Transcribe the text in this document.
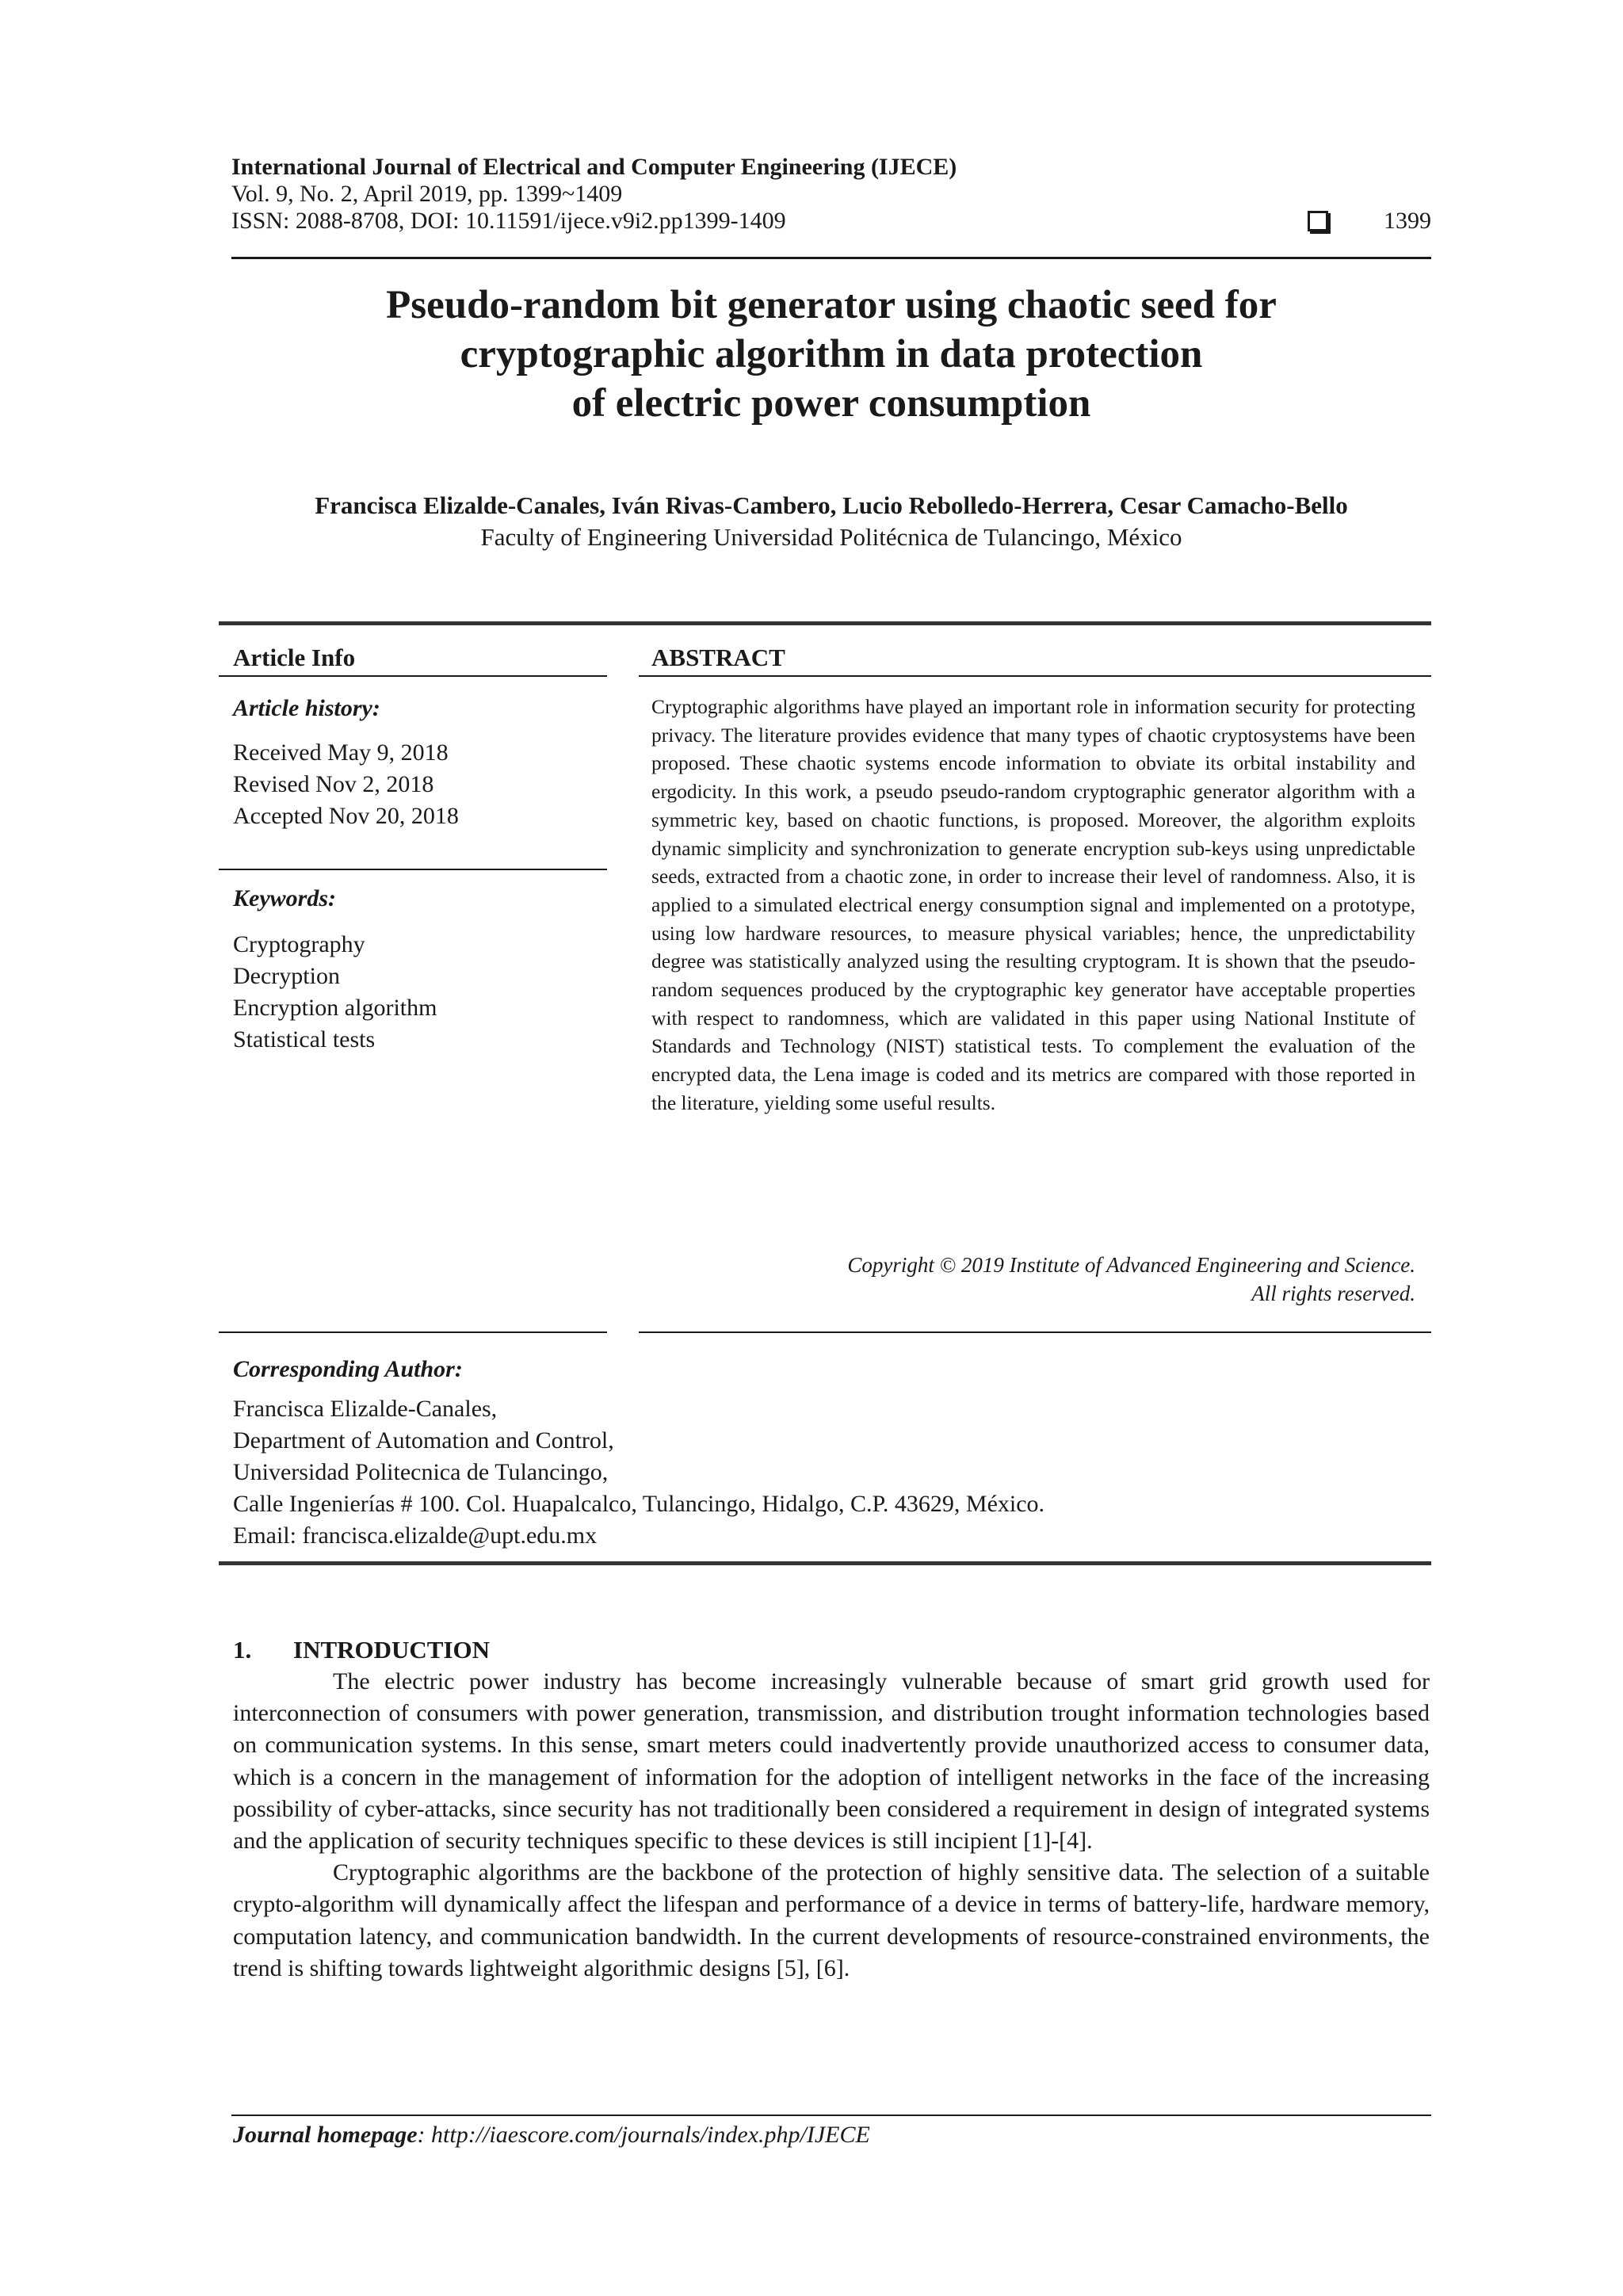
International Journal of Electrical and Computer Engineering (IJECE)
Vol. 9, No. 2, April 2019, pp. 1399~1409
ISSN: 2088-8708, DOI: 10.11591/ijece.v9i2.pp1399-1409	1399
Pseudo-random bit generator using chaotic seed for
cryptographic algorithm in data protection
of electric power consumption
Francisca Elizalde-Canales, Iván Rivas-Cambero, Lucio Rebolledo-Herrera, Cesar Camacho-Bello
Faculty of Engineering Universidad Politécnica de Tulancingo, México
Article Info
Article history:
Received May 9, 2018
Revised Nov 2, 2018
Accepted Nov 20, 2018
Keywords:
Cryptography
Decryption
Encryption algorithm
Statistical tests
ABSTRACT
Cryptographic algorithms have played an important role in information security for protecting privacy. The literature provides evidence that many types of chaotic cryptosystems have been proposed. These chaotic systems encode information to obviate its orbital instability and ergodicity. In this work, a pseudo pseudo-random cryptographic generator algorithm with a symmetric key, based on chaotic functions, is proposed. Moreover, the algorithm exploits dynamic simplicity and synchronization to generate encryption sub-keys using unpredictable seeds, extracted from a chaotic zone, in order to increase their level of randomness. Also, it is applied to a simulated electrical energy consumption signal and implemented on a prototype, using low hardware resources, to measure physical variables; hence, the unpredictability degree was statistically analyzed using the resulting cryptogram. It is shown that the pseudo-random sequences produced by the cryptographic key generator have acceptable properties with respect to randomness, which are validated in this paper using National Institute of Standards and Technology (NIST) statistical tests. To complement the evaluation of the encrypted data, the Lena image is coded and its metrics are compared with those reported in the literature, yielding some useful results.
Copyright © 2019 Institute of Advanced Engineering and Science.
All rights reserved.
Corresponding Author:
Francisca Elizalde-Canales,
Department of Automation and Control,
Universidad Politecnica de Tulancingo,
Calle Ingenierías # 100. Col. Huapalcalco, Tulancingo, Hidalgo, C.P. 43629, México.
Email: francisca.elizalde@upt.edu.mx
1. INTRODUCTION

The electric power industry has become increasingly vulnerable because of smart grid growth used for interconnection of consumers with power generation, transmission, and distribution trought information technologies based on communication systems. In this sense, smart meters could inadvertently provide unauthorized access to consumer data, which is a concern in the management of information for the adoption of intelligent networks in the face of the increasing possibility of cyber-attacks, since security has not traditionally been considered a requirement in design of integrated systems and the application of security techniques specific to these devices is still incipient [1]-[4].

Cryptographic algorithms are the backbone of the protection of highly sensitive data. The selection of a suitable crypto-algorithm will dynamically affect the lifespan and performance of a device in terms of battery-life, hardware memory, computation latency, and communication bandwidth. In the current developments of resource-constrained environments, the trend is shifting towards lightweight algorithmic designs [5], [6].

Journal homepage: http://iaescore.com/journals/index.php/IJECE
